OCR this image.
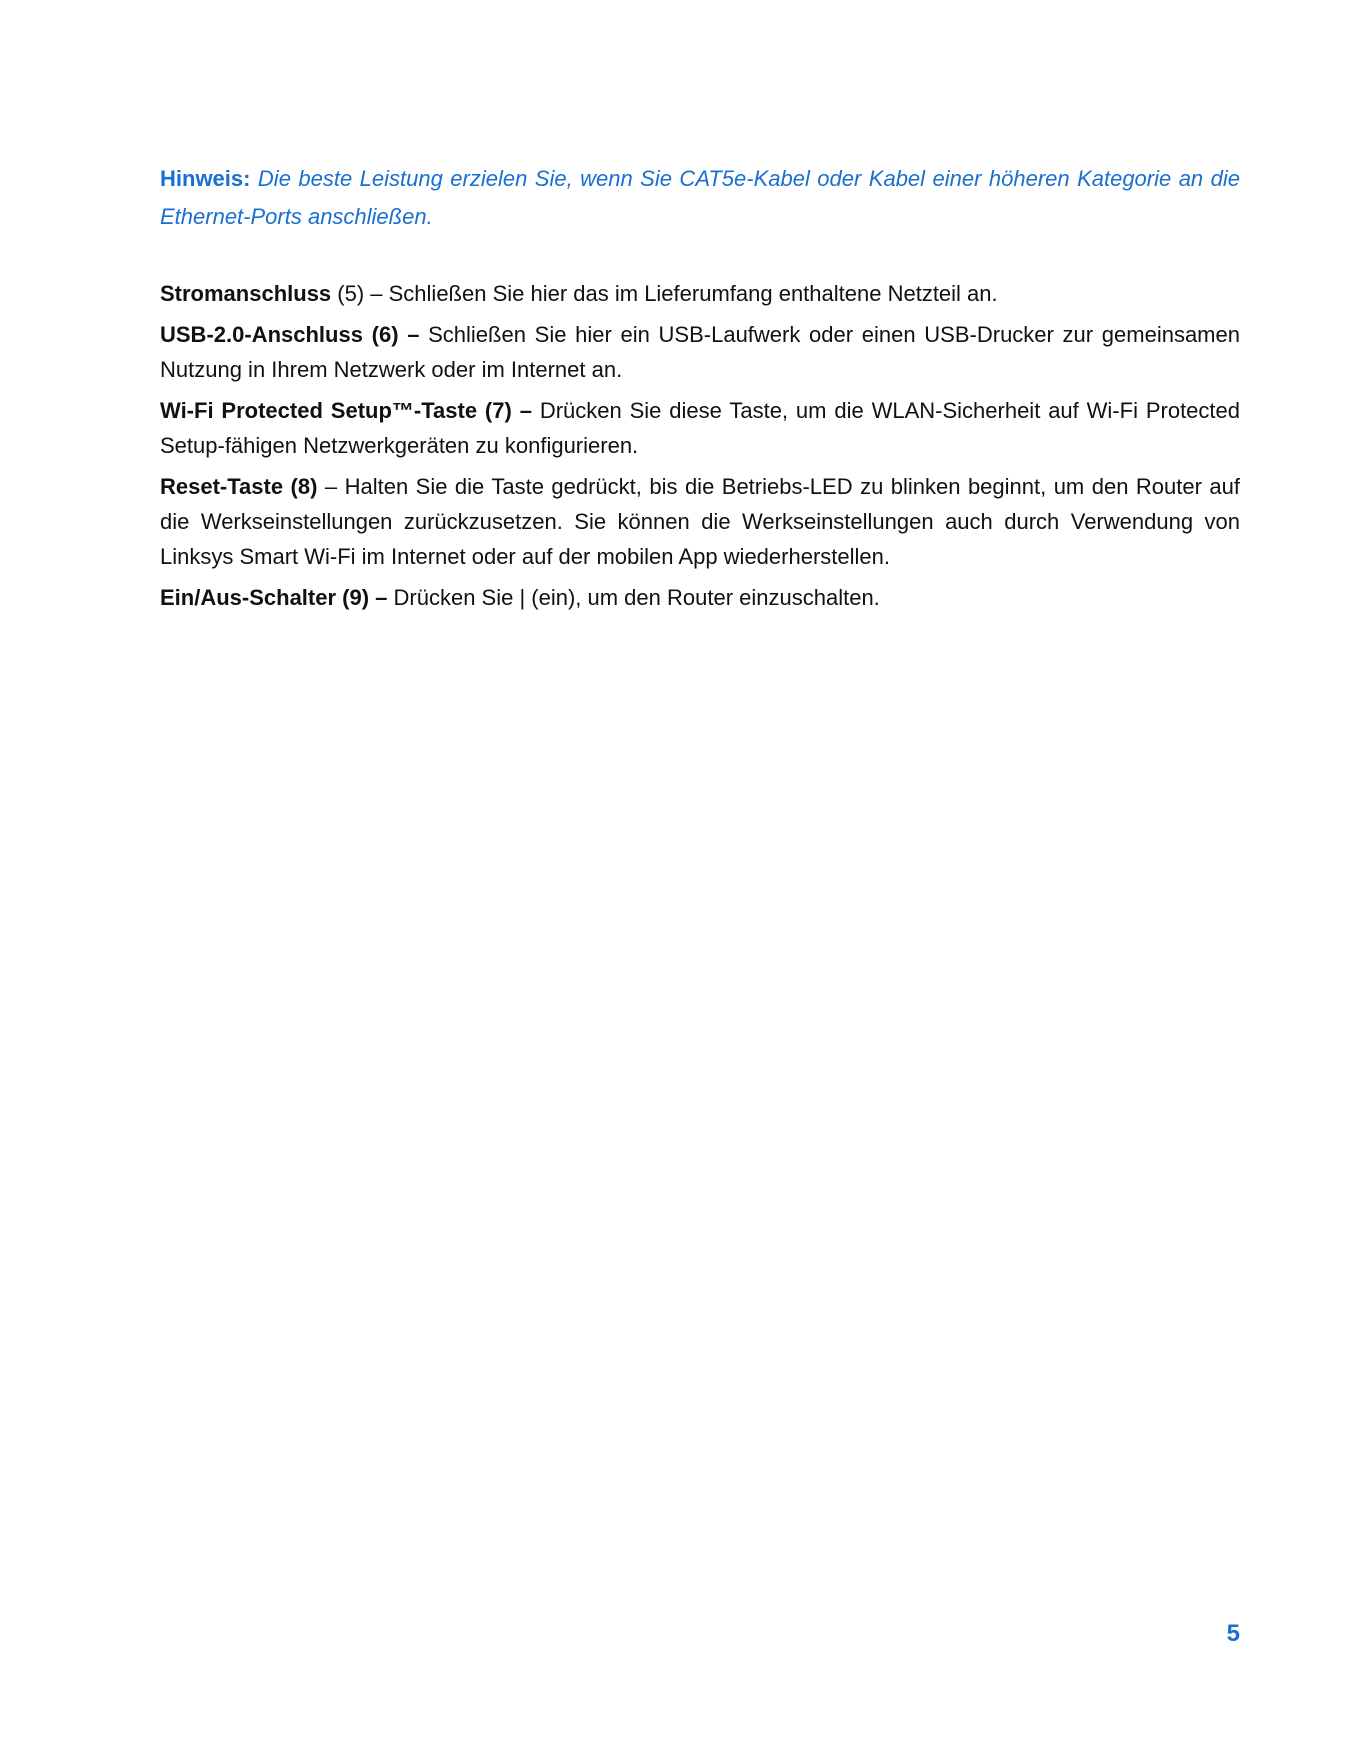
Hinweis: Die beste Leistung erzielen Sie, wenn Sie CAT5e-Kabel oder Kabel einer höheren Kategorie an die Ethernet-Ports anschließen.

Stromanschluss (5) – Schließen Sie hier das im Lieferumfang enthaltene Netzteil an.

USB-2.0-Anschluss (6) – Schließen Sie hier ein USB-Laufwerk oder einen USB-Drucker zur gemeinsamen Nutzung in Ihrem Netzwerk oder im Internet an.

Wi-Fi Protected Setup™-Taste (7) – Drücken Sie diese Taste, um die WLAN-Sicherheit auf Wi-Fi Protected Setup-fähigen Netzwerkgeräten zu konfigurieren.

Reset-Taste (8) – Halten Sie die Taste gedrückt, bis die Betriebs-LED zu blinken beginnt, um den Router auf die Werkseinstellungen zurückzusetzen. Sie können die Werkseinstellungen auch durch Verwendung von Linksys Smart Wi-Fi im Internet oder auf der mobilen App wiederherstellen.

Ein/Aus-Schalter (9) – Drücken Sie | (ein), um den Router einzuschalten.

5
